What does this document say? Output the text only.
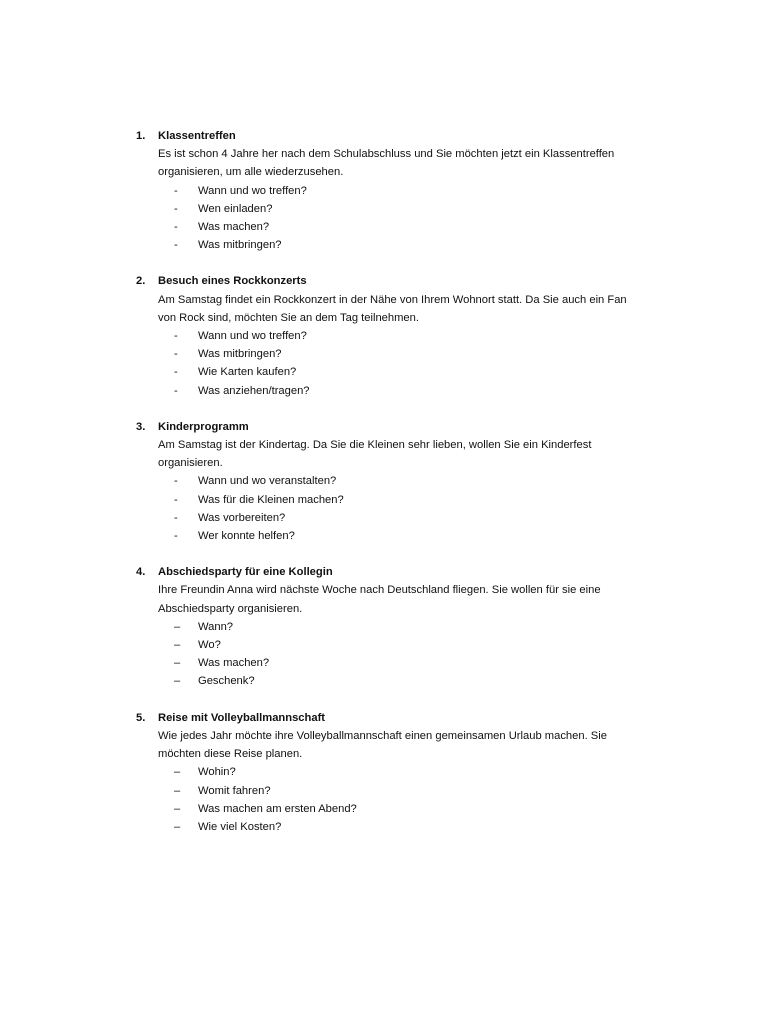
1.	Klassentreffen
Es ist schon 4 Jahre her nach dem Schulabschluss und Sie möchten jetzt ein Klassentreffen
organisieren, um alle wiederzusehen.
-	Wann und wo treffen?
-	Wen einladen?
-	Was machen?
-	Was mitbringen?
2.	Besuch eines Rockkonzerts
Am Samstag findet ein Rockkonzert in der Nähe von Ihrem Wohnort statt. Da Sie auch ein Fan
von Rock sind, möchten Sie an dem Tag teilnehmen.
-	Wann und wo treffen?
-	Was mitbringen?
-	Wie Karten kaufen?
-	Was anziehen/tragen?
3.	Kinderprogramm
Am Samstag ist der Kindertag. Da Sie die Kleinen sehr lieben, wollen Sie ein Kinderfest
organisieren.
-	Wann und wo veranstalten?
-	Was für die Kleinen machen?
-	Was vorbereiten?
-	Wer konnte helfen?
4.	Abschiedsparty für eine Kollegin
Ihre Freundin Anna wird nächste Woche nach Deutschland fliegen. Sie wollen für sie eine
Abschiedsparty organisieren.
–	Wann?
–	Wo?
–	Was machen?
–	Geschenk?
5.	Reise mit Volleyballmannschaft
Wie jedes Jahr möchte ihre Volleyballmannschaft einen gemeinsamen Urlaub machen. Sie
möchten diese Reise planen.
–	Wohin?
–	Womit fahren?
–	Was machen am ersten Abend?
–	Wie viel Kosten?
